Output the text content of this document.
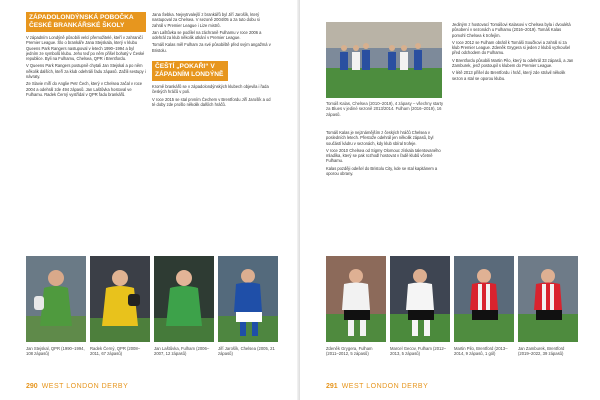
ZÁPADOLONDÝNSKÁ POBOČKA ČESKÉ BRANKÁŘSKÉ ŠKOLY

V západním Londýně působili velcí přemožitelé, kteří v zahraničí Premier League. Šlo o brankáře Jana Stejskala, který v klubu Queens Park Rangers nastupoval v letech 1990–1994 a byl jedním ze symbolů klubu. Jeho teď po něm přišel bohatý v České republice. Byli na Fulhamu, Chelsea, QPR i Brentfordu.

V Queens Park Rangers postupně chytali Jan Stejskal a po něm několik dalších, kteří za klub odehráli řadu zápasů. Zažili sestupy i návraty.

Ze Slavie míří do Anglie Petr Čech, který v Chelsea začal v roce 2004 a odehrál zde 494 zápasů. Jan Laštůvka hostoval ve Fulhamu. Radek Černý vystřídal v QPR řadu brankářů.

Jana Šebka. Nejvytrvalejší z brankářů byl Jiří Jarošík, který nastupoval za Chelsea. V sezoně 2004/05 a za tuto dobu si zahrál v Premier League i Lize mistrů.

Jan Laštůvka se podílel na záchraně Fulhamu v roce 2006 a odehrál za klub několik utkání v Premier League.

Tomáš Kalas měl Fulham za své působiště před svým angažmá v Bristolu.

ČEŠTÍ „POKAŘI“ V ZÁPADNÍM LONDÝNĚ

Kromě brankářů se v západolondýnských klubech objevila i řada českých hráčů v poli.

V roce 2015 se stal prvním Čechem v Brentfordu Jiří Jarošík a od té doby zde prošlo několik dalších hráčů.

Jan Stejskal, QPR (1990–1994, 108 zápasů)
Radek Černý, QPR (2008–2011, 67 zápasů)
Jan Laštůvka, Fulham (2006–2007, 12 zápasů)
Jiří Jarošík, Chelsea (2005, 21 zápasů)
290 WEST LONDON DERBY
Tomáš Kalas, Chelsea (2010–2019), 4 zápasy – všechny starty za Blues v jediné sezoně 2013/2014. Fulham (2016–2019), 16 zápasů.

Tomáš Kalas je nejznámějším z českých hráčů Chelsea v posledních letech. Přestože odehrál jen několik zápasů, byl součástí kádru v sezonách, kdy klub sbíral trofeje.

V roce 2010 Chelsea od Sigmy Olomouc získala talentovaného mladíka, který se pak rozhodl hostovat v řadě klubů včetně Fulhamu.

Kalas později odešel do Bristolu City, kde se stal kapitánem a oporou obrany.

Jediným z hostovací Tomášovi Kalasovi v Chelsea byla i dvoulétá působení v sezonách u Fulhamu (2016–2019). Tomáš Kalas pomohl Chelsea k trofejím.

V roce 2012 se Fulham obrátil k Tomáši Součkovi a zahrál si za klub Premier League. Zdeněk Grygera si jeden z klubů vyzkoušel před odchodem do Fulhamu.

V Brentfordu působili Martin Pilo, který tu odehrál 33 zápasů, a Jan Zamburek, jenž postoupil s klubem do Premier League.

V létě 2013 přišel do Brentfordu i hráč, který zde strávil několik sezon a stal se oporou klubu.

Zdeněk Grygera, Fulham (2011–2012, 5 zápasů)
Marcel Gecov, Fulham (2012–2013, 5 zápasů)
Martin Pilo, Brentford (2013–2014, 9 zápasů, 1 gól)
Jan Zamburek, Brentford (2019–2022, 39 zápasů)
291 WEST LONDON DERBY
